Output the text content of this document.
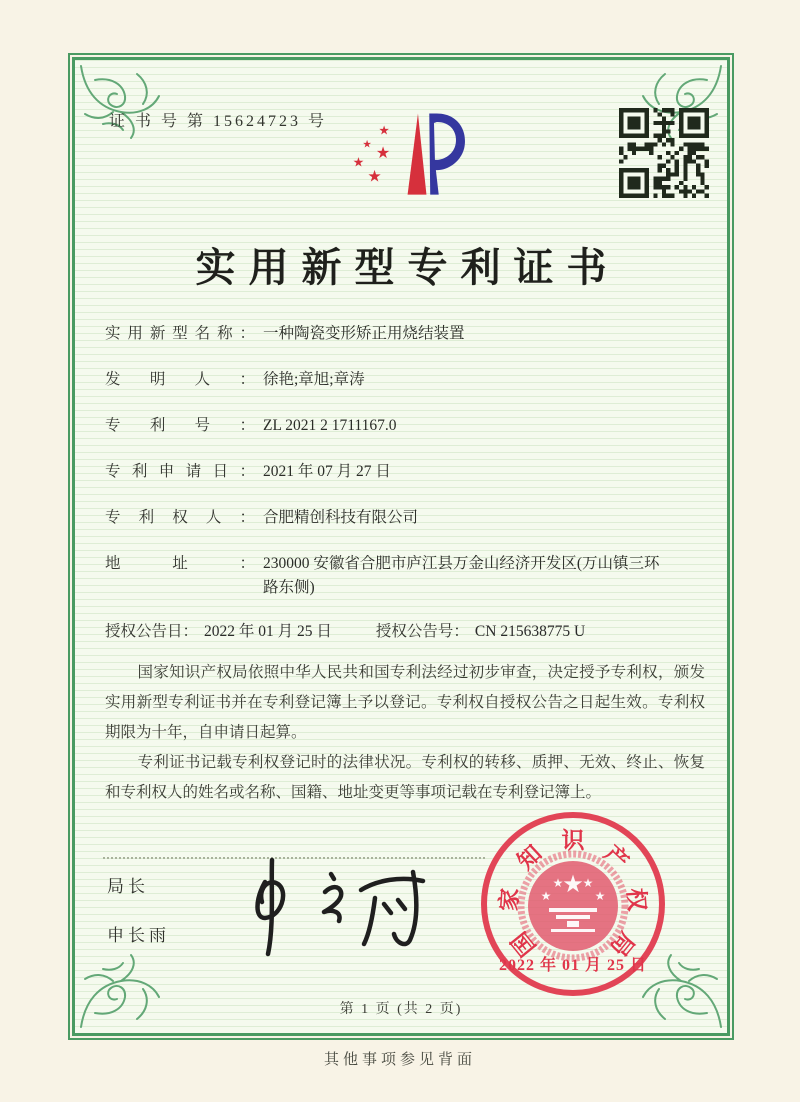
证 书 号 第 15624723 号
★
★ ★
★
★
实用新型专利证书
实用新型名称： 一种陶瓷变形矫正用烧结装置
发明人： 徐艳;章旭;章涛
专利号： ZL 2021 2 1711167.0
专利申请日： 2021 年 07 月 27 日
专利权人： 合肥精创科技有限公司
地址： 230000 安徽省合肥市庐江县万金山经济开发区(万山镇三环路东侧)
授权公告日： 2022 年 01 月 25 日	授权公告号： CN 215638775 U

国家知识产权局依照中华人民共和国专利法经过初步审查，决定授予专利权，颁发实用新型专利证书并在专利登记簿上予以登记。专利权自授权公告之日起生效。专利权期限为十年，自申请日起算。

专利证书记载专利权登记时的法律状况。专利权的转移、质押、无效、终止、恢复和专利权人的姓名或名称、国籍、地址变更等事项记载在专利登记簿上。

局长
申长雨
★
★
★ ★
★
国
家
知
识
产
权
局
2022 年 01 月 25 日
第 1 页 (共 2 页)
其他事项参见背面
